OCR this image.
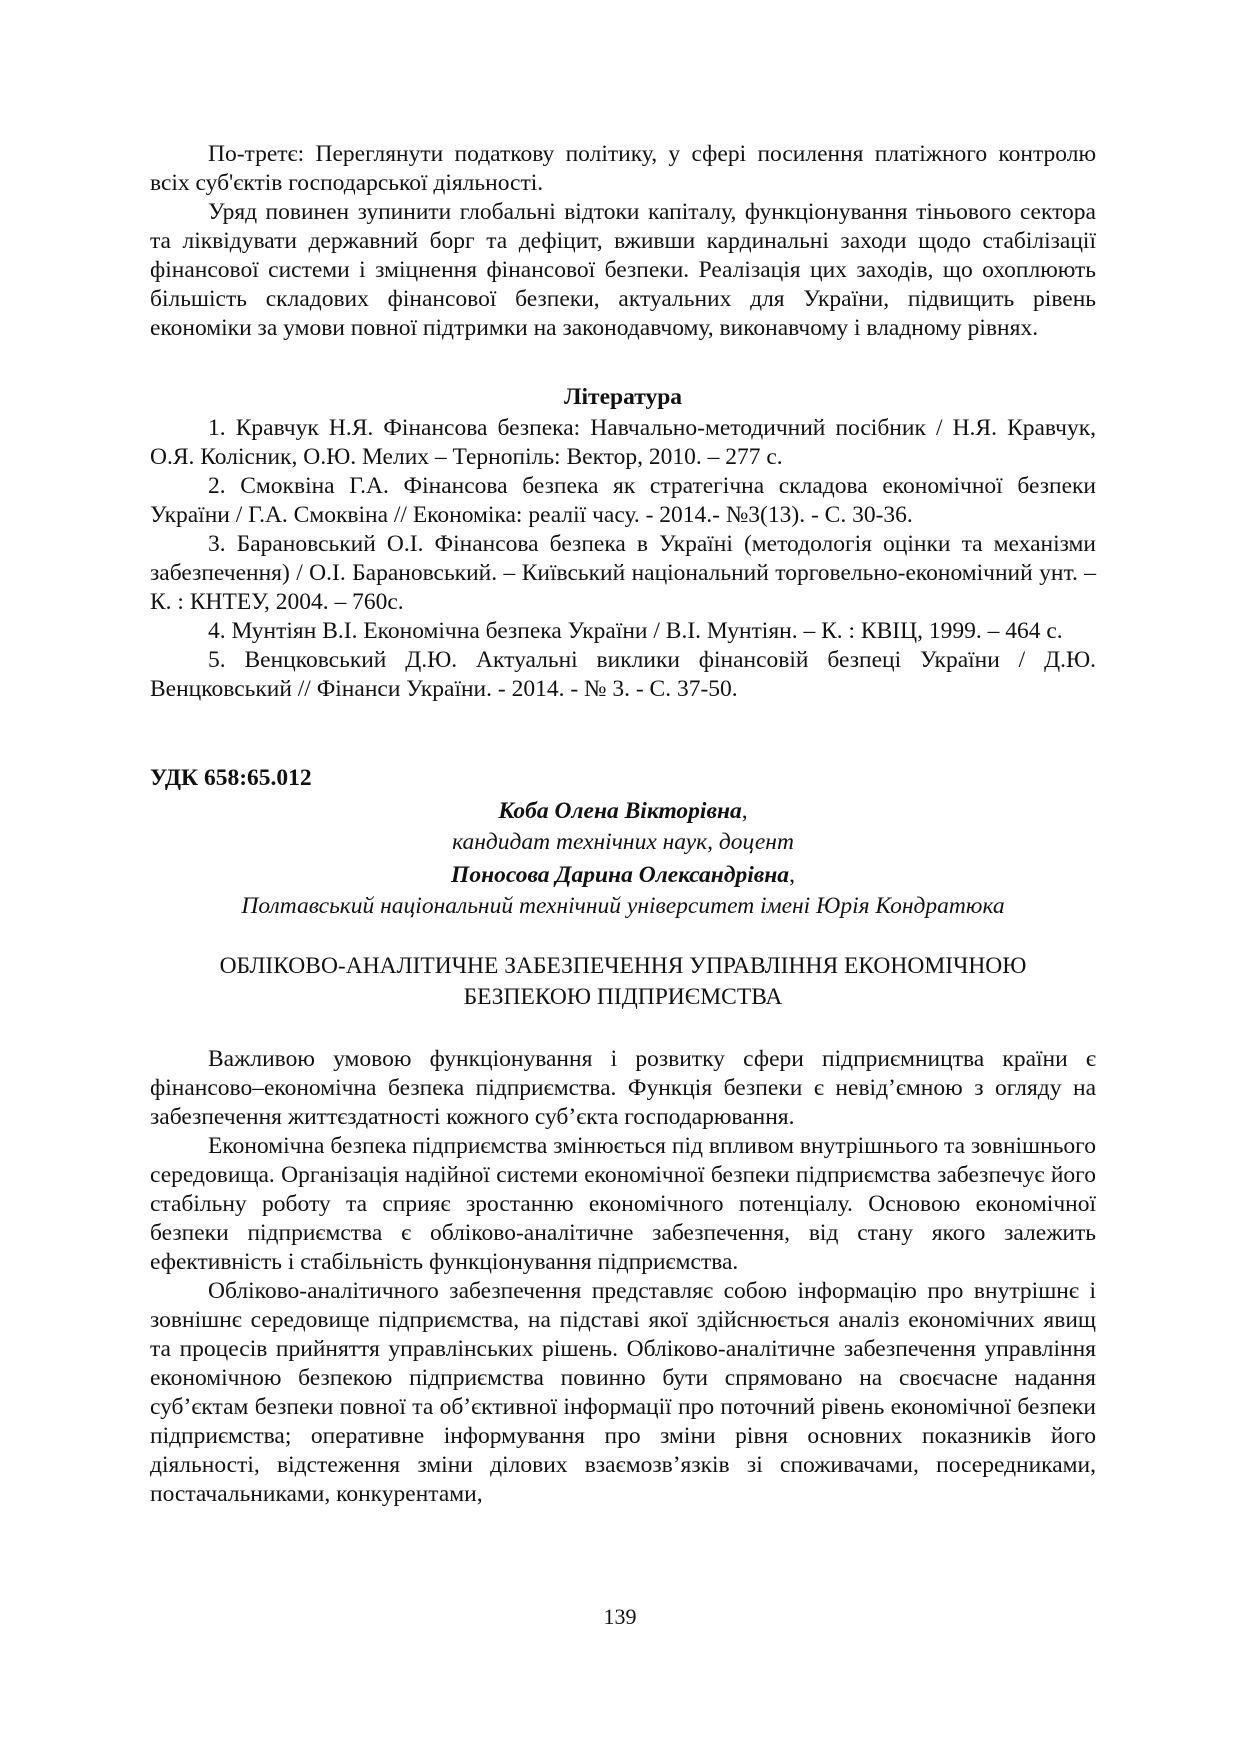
По-третє: Переглянути податкову політику, у сфері посилення платіжного контролю всіх суб'єктів господарської діяльності.

Уряд повинен зупинити глобальні відтоки капіталу, функціонування тіньового сектора та ліквідувати державний борг та дефіцит, вживши кардинальні заходи щодо стабілізації фінансової системи і зміцнення фінансової безпеки. Реалізація цих заходів, що охоплюють більшість складових фінансової безпеки, актуальних для України, підвищить рівень економіки за умови повної підтримки на законодавчому, виконавчому і владному рівнях.

Література

1. Кравчук Н.Я. Фінансова безпека: Навчально-методичний посібник / Н.Я. Кравчук, О.Я. Колісник, О.Ю. Мелих – Тернопіль: Вектор, 2010. – 277 с.

2. Смоквіна Г.А. Фінансова безпека як стратегічна складова економічної безпеки України / Г.А. Смоквіна // Економіка: реалії часу. - 2014.- №3(13). - С. 30-36.

3. Барановський О.І. Фінансова безпека в Україні (методологія оцінки та механізми забезпечення) / О.І. Барановський. – Київський національний торговельно-економічний унт. – К. : КНТЕУ, 2004. – 760с.

4. Мунтіян В.І. Економічна безпека України / В.І. Мунтіян. – К. : КВІЦ, 1999. – 464 с.

5. Венцковський Д.Ю. Актуальні виклики фінансовій безпеці України / Д.Ю. Венцковський // Фінанси України. - 2014. - № 3. - С. 37-50.

УДК 658:65.012
Коба Олена Вікторівна,
кандидат технічних наук, доцент
Поносова Дарина Олександрівна,
Полтавський національний технічний університет імені Юрія Кондратюка
ОБЛІКОВО-АНАЛІТИЧНЕ ЗАБЕЗПЕЧЕННЯ УПРАВЛІННЯ ЕКОНОМІЧНОЮ
БЕЗПЕКОЮ ПІДПРИЄМСТВА

Важливою умовою функціонування і розвитку сфери підприємництва країни є фінансово–економічна безпека підприємства. Функція безпеки є невід’ємною з огляду на забезпечення життєздатності кожного суб’єкта господарювання.

Економічна безпека підприємства змінюється під впливом внутрішнього та зовнішнього середовища. Організація надійної системи економічної безпеки підприємства забезпечує його стабільну роботу та сприяє зростанню економічного потенціалу. Основою економічної безпеки підприємства є обліково-аналітичне забезпечення, від стану якого залежить ефективність і стабільність функціонування підприємства.

Обліково-аналітичного забезпечення представляє собою інформацію про внутрішнє і зовнішнє середовище підприємства, на підставі якої здійснюється аналіз економічних явищ та процесів прийняття управлінських рішень. Обліково-аналітичне забезпечення управління економічною безпекою підприємства повинно бути спрямовано на своєчасне надання суб’єктам безпеки повної та об’єктивної інформації про поточний рівень економічної безпеки підприємства; оперативне інформування про зміни рівня основних показників його діяльності, відстеження зміни ділових взаємозв’язків зі споживачами, посередниками, постачальниками, конкурентами,

139
